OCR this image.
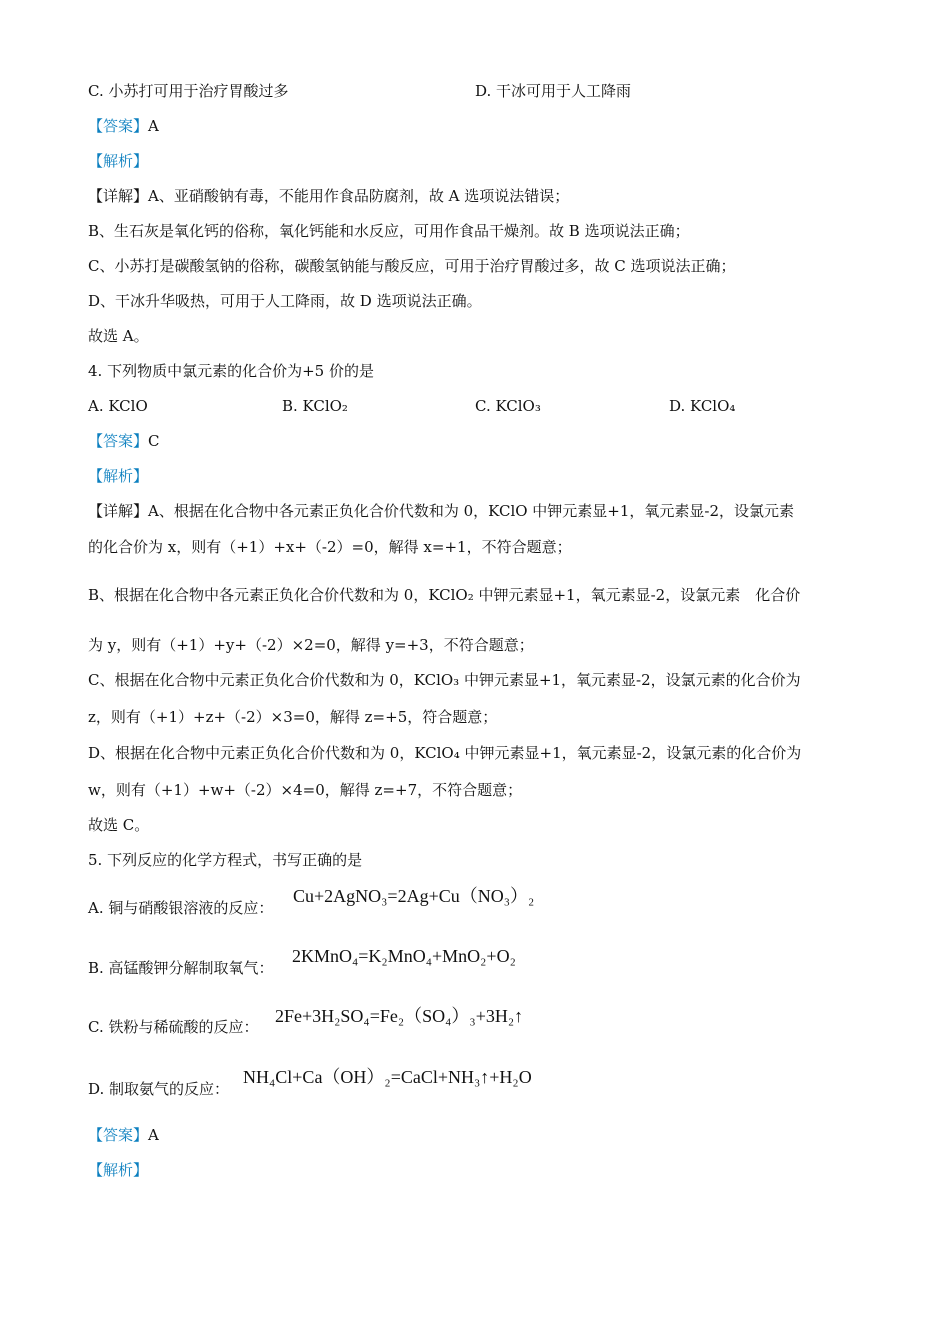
C. 小苏打可用于治疗胃酸过多	D. 干冰可用于人工降雨
【答案】A
【解析】
【详解】A、亚硝酸钠有毒，不能用作食品防腐剂，故 A 选项说法错误；
B、生石灰是氧化钙的俗称，氧化钙能和水反应，可用作食品干燥剂。故 B 选项说法正确；
C、小苏打是碳酸氢钠的俗称，碳酸氢钠能与酸反应，可用于治疗胃酸过多，故 C 选项说法正确；
D、干冰升华吸热，可用于人工降雨，故 D 选项说法正确。
故选 A。
4. 下列物质中氯元素的化合价为+5 价的是
A. KClO	B. KClO₂	C. KClO₃	D. KClO₄
【答案】C
【解析】
【详解】A、根据在化合物中各元素正负化合价代数和为 0，KClO 中钾元素显+1，氧元素显-2，设氯元素
的化合价为 x，则有（+1）+x+（-2）=0，解得 x=+1，不符合题意；
B、根据在化合物中各元素正负化合价代数和为 0，KClO₂ 中钾元素显+1，氧元素显-2，设氯元素　化合价
为 y，则有（+1）+y+（-2）×2=0，解得 y=+3，不符合题意；
C、根据在化合物中元素正负化合价代数和为 0，KClO₃ 中钾元素显+1，氧元素显-2，设氯元素的化合价为
z，则有（+1）+z+（-2）×3=0，解得 z=+5，符合题意；
D、根据在化合物中元素正负化合价代数和为 0，KClO₄ 中钾元素显+1，氧元素显-2，设氯元素的化合价为
w，则有（+1）+w+（-2）×4=0，解得 z=+7，不符合题意；
故选 C。
5. 下列反应的化学方程式，书写正确的是
A. 铜与硝酸银溶液的反应：
Cu+2AgNO₃=2Ag+Cu（NO₃）₂
B. 高锰酸钾分解制取氧气：
2KMnO₄=K₂MnO₄+MnO₂+O₂
C. 铁粉与稀硫酸的反应：
2Fe+3H₂SO₄=Fe₂（SO₄）₃+3H₂↑
D. 制取氨气的反应：
NH₄Cl+Ca（OH）₂=CaCl+NH₃↑+H₂O
【答案】A
【解析】
